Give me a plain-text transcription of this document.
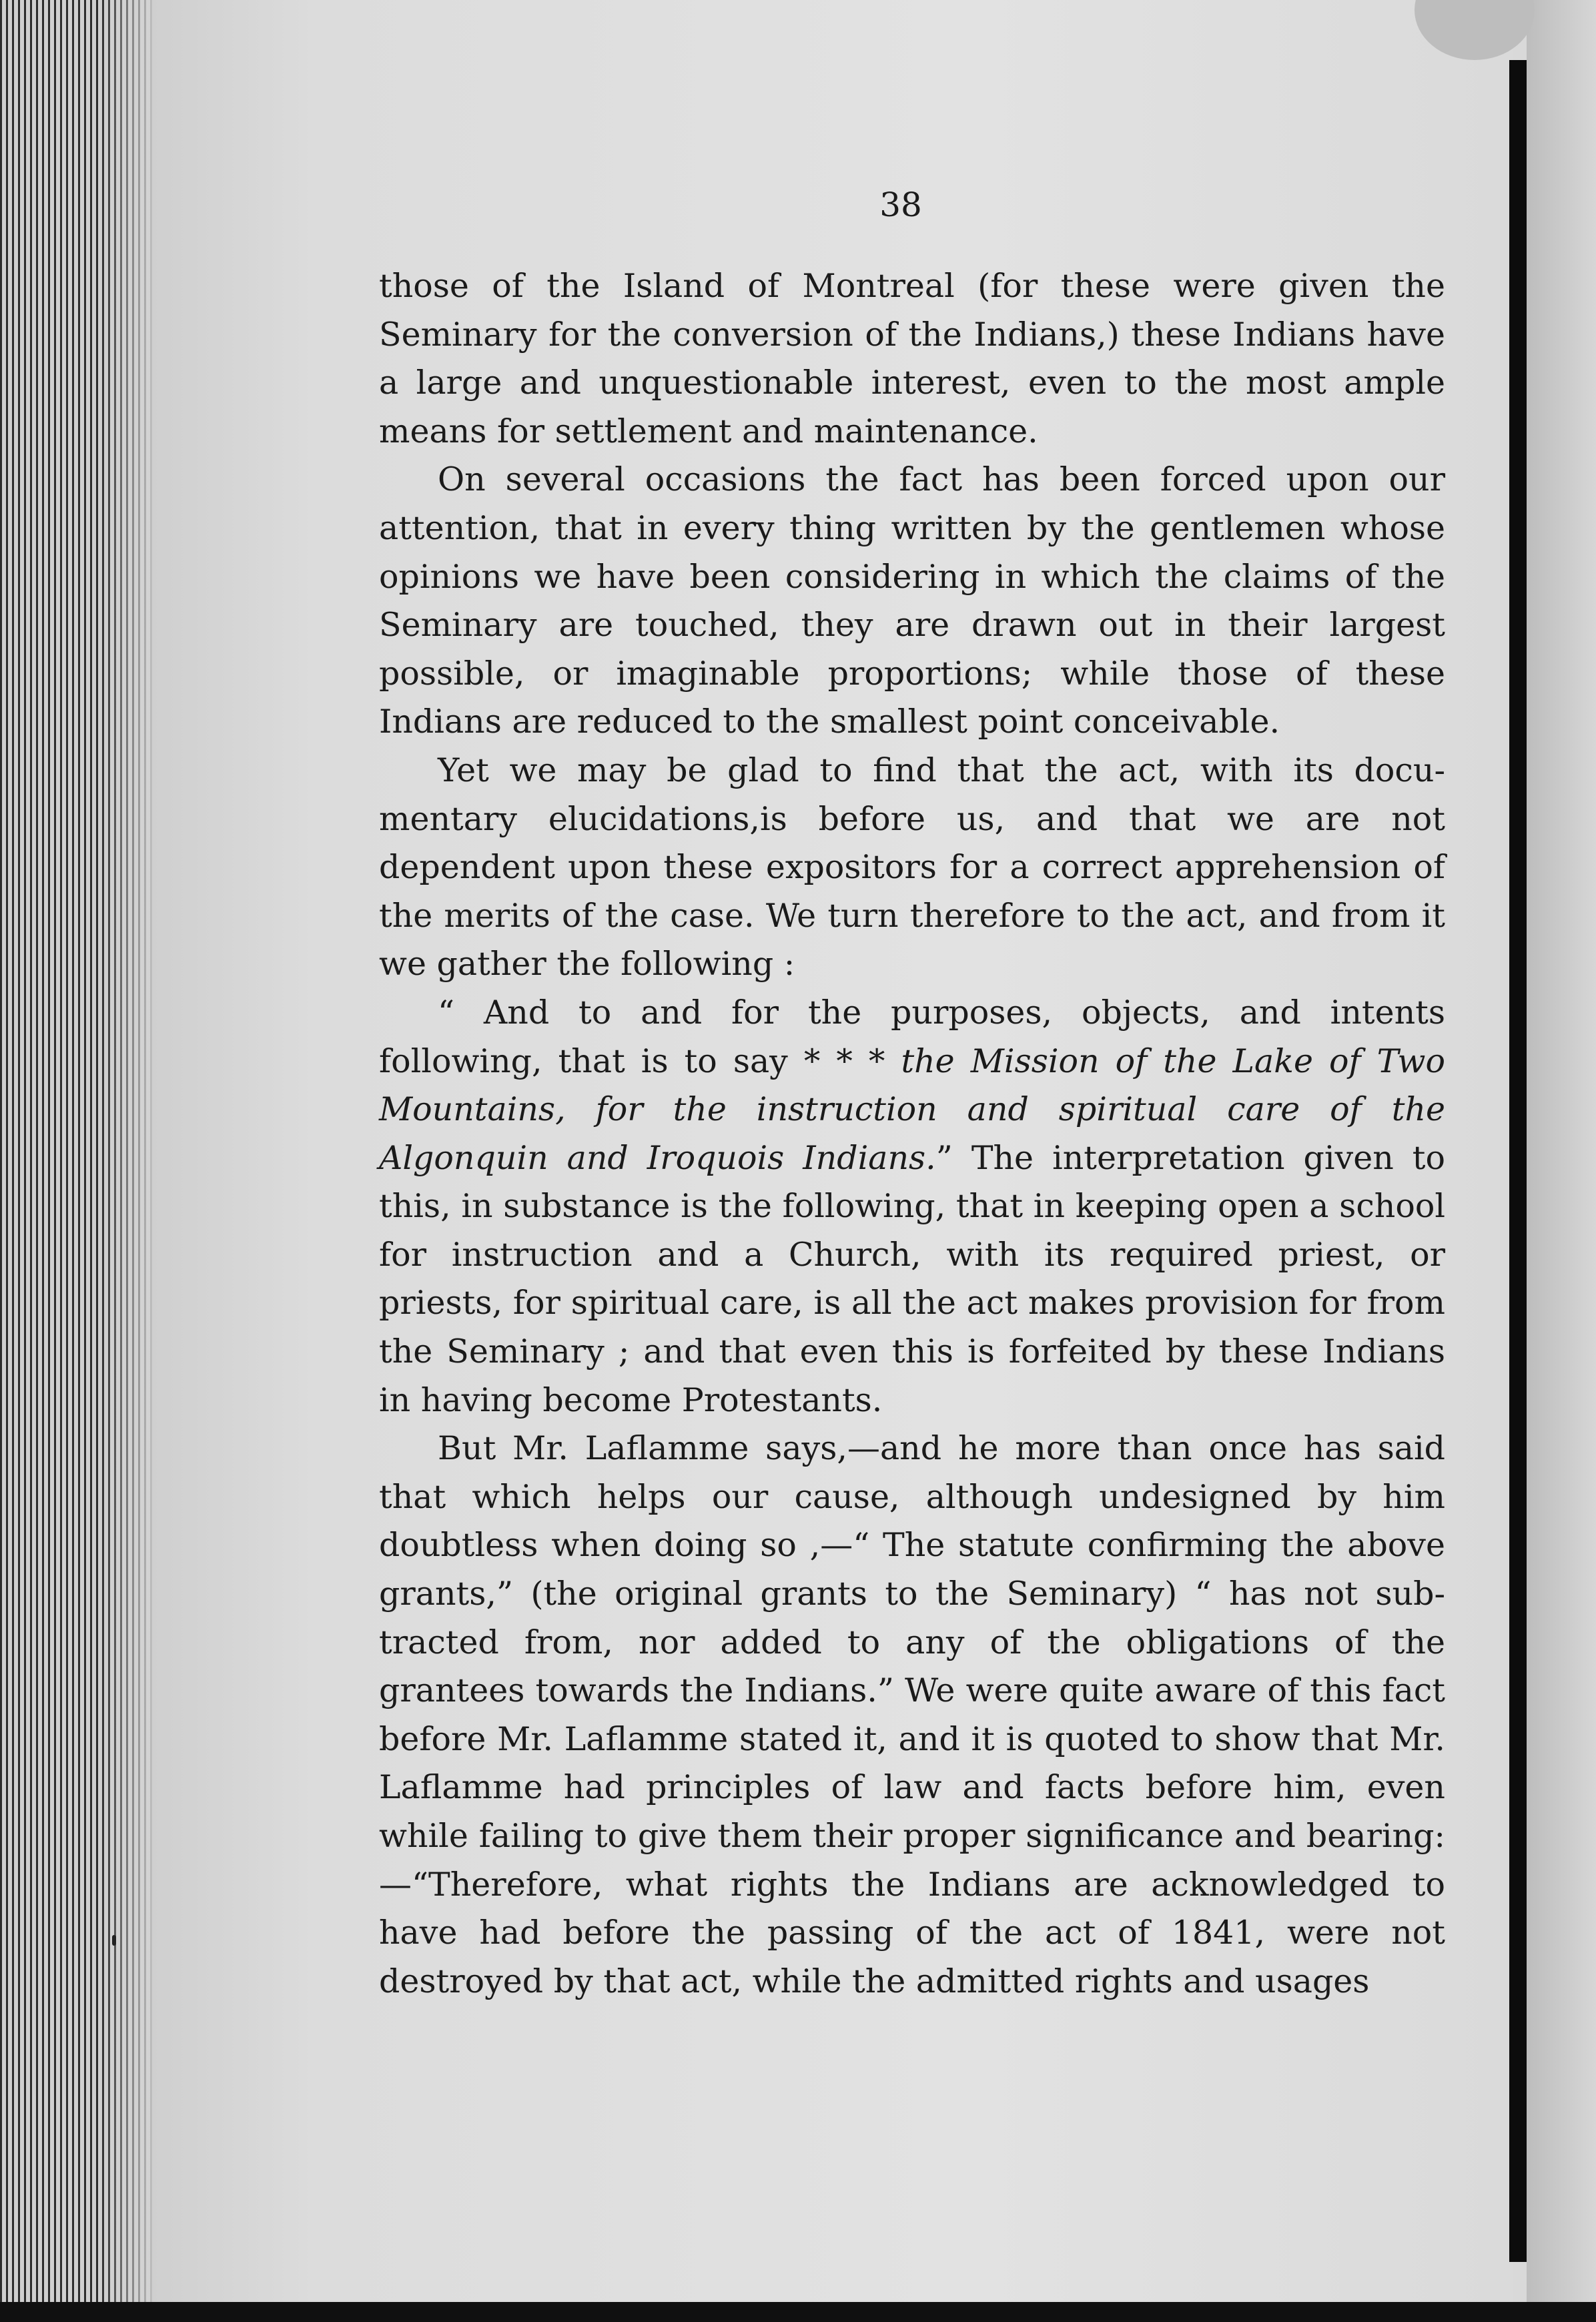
38

those of the Island of Montreal (for these were given the Seminary for the conversion of the Indians,) these Indians have a large and unquestionable interest, even to the most ample means for settlement and maintenance.

On several occasions the fact has been forced upon our attention, that in every thing written by the gentlemen whose opinions we have been considering in which the claims of the Seminary are touched, they are drawn out in their largest possible, or imaginable proportions; while those of these Indians are reduced to the smallest point conceivable.

Yet we may be glad to find that the act, with its documentary elucidations,is before us, and that we are not dependent upon these expositors for a correct apprehension of the merits of the case. We turn therefore to the act, and from it we gather the following :

“ And to and for the purposes, objects, and intents following, that is to say * * * the Mission of the Lake of Two Mountains, for the instruction and spiritual care of the Algonquin and Iroquois Indians.” The interpretation given to this, in substance is the following, that in keeping open a school for instruction and a Church, with its required priest, or priests, for spiritual care, is all the act makes provision for from the Seminary ; and that even this is forfeited by these Indians in having become Protestants.

But Mr. Laflamme says,—and he more than once has said that which helps our cause, although undesigned by him doubtless when doing so ,—“ The statute confirming the above grants,” (the original grants to the Seminary) “ has not subtracted from, nor added to any of the obligations of the grantees towards the Indians.” We were quite aware of this fact before Mr. Laflamme stated it, and it is quoted to show that Mr. Laflamme had principles of law and facts before him, even while failing to give them their proper significance and bearing:—“Therefore, what rights the Indians are acknowledged to have had before the passing of the act of 1841, were not destroyed by that act, while the admitted rights and usages
